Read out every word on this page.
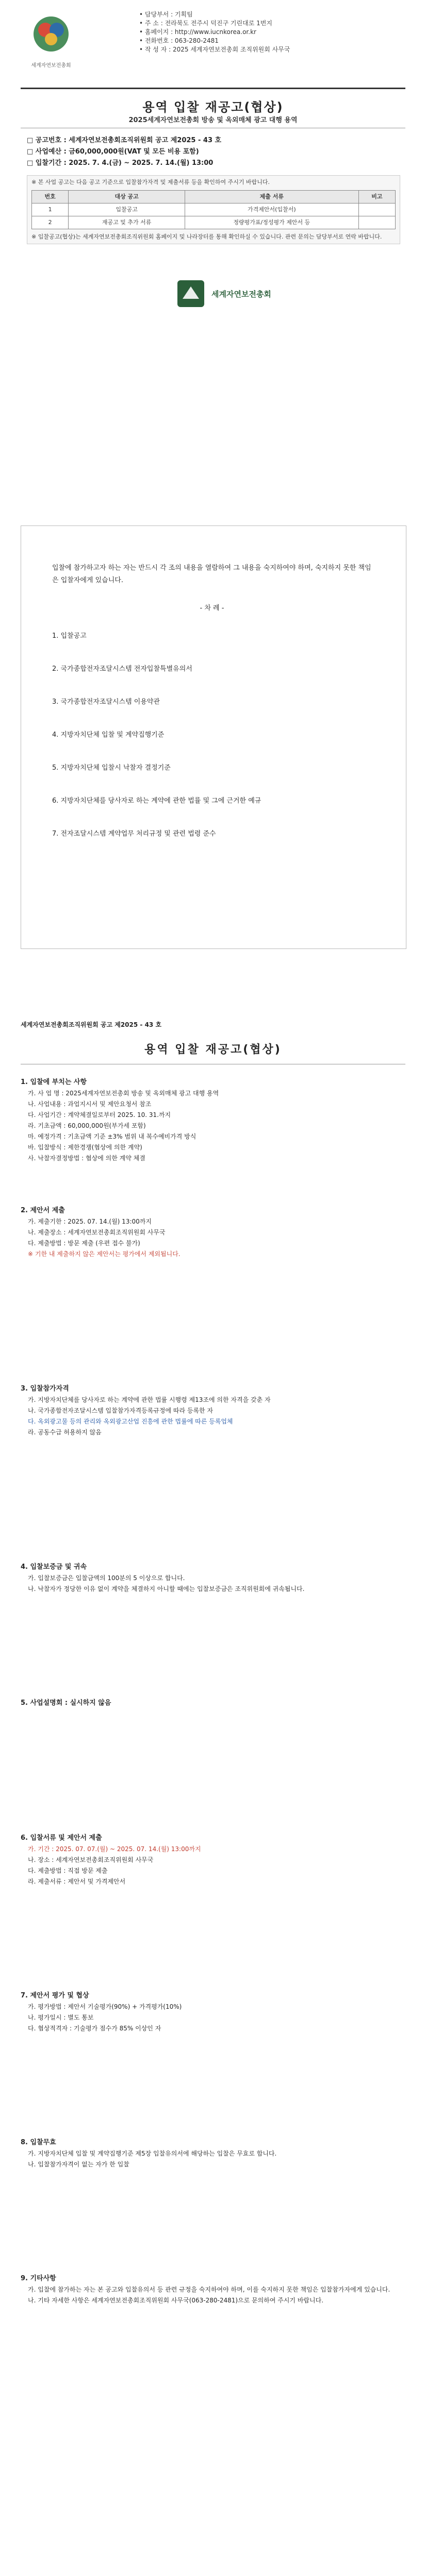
세계자연보전총회
• 담당부서 : 기획팀
• 주 소 : 전라북도 전주시 덕진구 기린대로 1번지
• 홈페이지 : http://www.iucnkorea.or.kr
• 전화번호 : 063-280-2481
• 작 성 자 : 2025 세계자연보전총회 조직위원회 사무국
용역 입찰 재공고(협상)
2025세계자연보전총회 방송 및 옥외매체 광고 대행 용역
□ 공고번호 : 세계자연보전총회조직위원회 공고 제2025 - 43 호
□ 사업예산 : 금60,000,000원(VAT 및 모든 비용 포함)
□ 입찰기간 : 2025. 7. 4.(금) ~ 2025. 7. 14.(월) 13:00
※ 본 사업 공고는 다음 공고 기준으로 입찰참가자격 및 제출서류 등을 확인하여 주시기 바랍니다.
번호	대상 공고	제출 서류	비고
1	입찰공고	가격제안서(입찰서)	
2	재공고 및 추가 서류	정량평가표/정성평가 제안서 등	
※ 입찰공고(협상)는 세계자연보전총회조직위원회 홈페이지 및 나라장터를 통해 확인하실 수 있습니다. 관련 문의는 담당부서로 연락 바랍니다.
세계자연보전총회
입찰에 참가하고자 하는 자는 반드시 각 조의 내용을 열람하여 그 내용을 숙지하여야 하며, 숙지하지 못한 책임은 입찰자에게 있습니다.
- 차 례 -
1. 입찰공고
2. 국가종합전자조달시스템 전자입찰특별유의서
3. 국가종합전자조달시스템 이용약관
4. 지방자치단체 입찰 및 계약집행기준
5. 지방자치단체 입찰시 낙찰자 결정기준
6. 지방자치단체를 당사자로 하는 계약에 관한 법률 및 그에 근거한 예규
7. 전자조달시스템 계약업무 처리규정 및 관련 법령 준수
세계자연보전총회조직위원회 공고 제2025 - 43 호
용역 입찰 재공고(협상)
1. 입찰에 부치는 사항
가. 사 업 명 : 2025세계자연보전총회 방송 및 옥외매체 광고 대행 용역
나. 사업내용 : 과업지시서 및 제안요청서 참조
다. 사업기간 : 계약체결일로부터 2025. 10. 31.까지
라. 기초금액 : 60,000,000원(부가세 포함)
마. 예정가격 : 기초금액 기준 ±3% 범위 내 복수예비가격 방식
바. 입찰방식 : 제한경쟁(협상에 의한 계약)
사. 낙찰자결정방법 : 협상에 의한 계약 체결
2. 제안서 제출
가. 제출기한 : 2025. 07. 14.(월) 13:00까지
나. 제출장소 : 세계자연보전총회조직위원회 사무국
다. 제출방법 : 방문 제출 (우편 접수 불가)
※ 기한 내 제출하지 않은 제안서는 평가에서 제외됩니다.
3. 입찰참가자격
가. 지방자치단체를 당사자로 하는 계약에 관한 법률 시행령 제13조에 의한 자격을 갖춘 자
나. 국가종합전자조달시스템 입찰참가자격등록규정에 따라 등록한 자
다. 옥외광고물 등의 관리와 옥외광고산업 진흥에 관한 법률에 따른 등록업체
라. 공동수급 허용하지 않음
4. 입찰보증금 및 귀속
가. 입찰보증금은 입찰금액의 100분의 5 이상으로 합니다.
나. 낙찰자가 정당한 이유 없이 계약을 체결하지 아니할 때에는 입찰보증금은 조직위원회에 귀속됩니다.
5. 사업설명회 : 실시하지 않음
6. 입찰서류 및 제안서 제출
가. 기간 : 2025. 07. 07.(월) ~ 2025. 07. 14.(월) 13:00까지
나. 장소 : 세계자연보전총회조직위원회 사무국
다. 제출방법 : 직접 방문 제출
라. 제출서류 : 제안서 및 가격제안서
7. 제안서 평가 및 협상
가. 평가방법 : 제안서 기술평가(90%) + 가격평가(10%)
나. 평가일시 : 별도 통보
다. 협상적격자 : 기술평가 점수가 85% 이상인 자
8. 입찰무효
가. 지방자치단체 입찰 및 계약집행기준 제5장 입찰유의서에 해당하는 입찰은 무효로 합니다.
나. 입찰참가자격이 없는 자가 한 입찰
9. 기타사항
가. 입찰에 참가하는 자는 본 공고와 입찰유의서 등 관련 규정을 숙지하여야 하며, 이를 숙지하지 못한 책임은 입찰참가자에게 있습니다.
나. 기타 자세한 사항은 세계자연보전총회조직위원회 사무국(063-280-2481)으로 문의하여 주시기 바랍니다.
